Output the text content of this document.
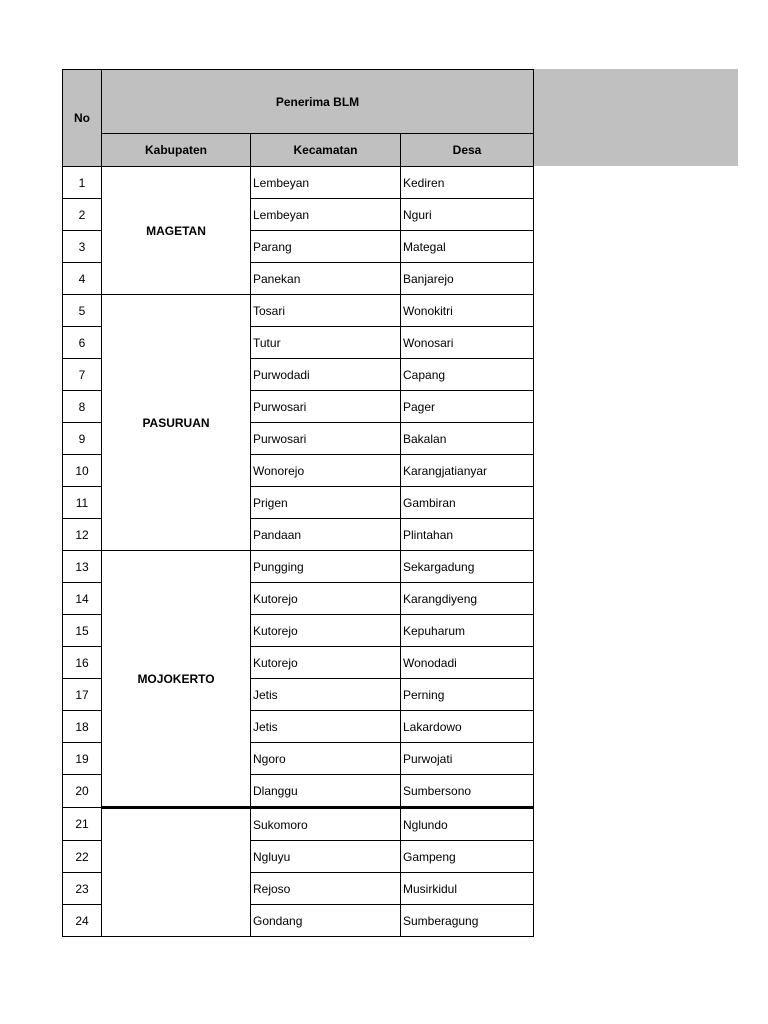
No	Penerima BLM		
	Kabupaten	Kecamatan	Desa
1	MAGETAN	Lembeyan	Kediren
2		Lembeyan	Nguri
3		Parang	Mategal
4		Panekan	Banjarejo
5	PASURUAN	Tosari	Wonokitri
6		Tutur	Wonosari
7		Purwodadi	Capang
8		Purwosari	Pager
9		Purwosari	Bakalan
10		Wonorejo	Karangjatianyar
11		Prigen	Gambiran
12		Pandaan	Plintahan
13	MOJOKERTO	Pungging	Sekargadung
14		Kutorejo	Karangdiyeng
15		Kutorejo	Kepuharum
16		Kutorejo	Wonodadi
17		Jetis	Perning
18		Jetis	Lakardowo
19		Ngoro	Purwojati
20		Dlanggu	Sumbersono
21		Sukomoro	Nglundo
22		Ngluyu	Gampeng
23		Rejoso	Musirkidul
24		Gondang	Sumberagung
